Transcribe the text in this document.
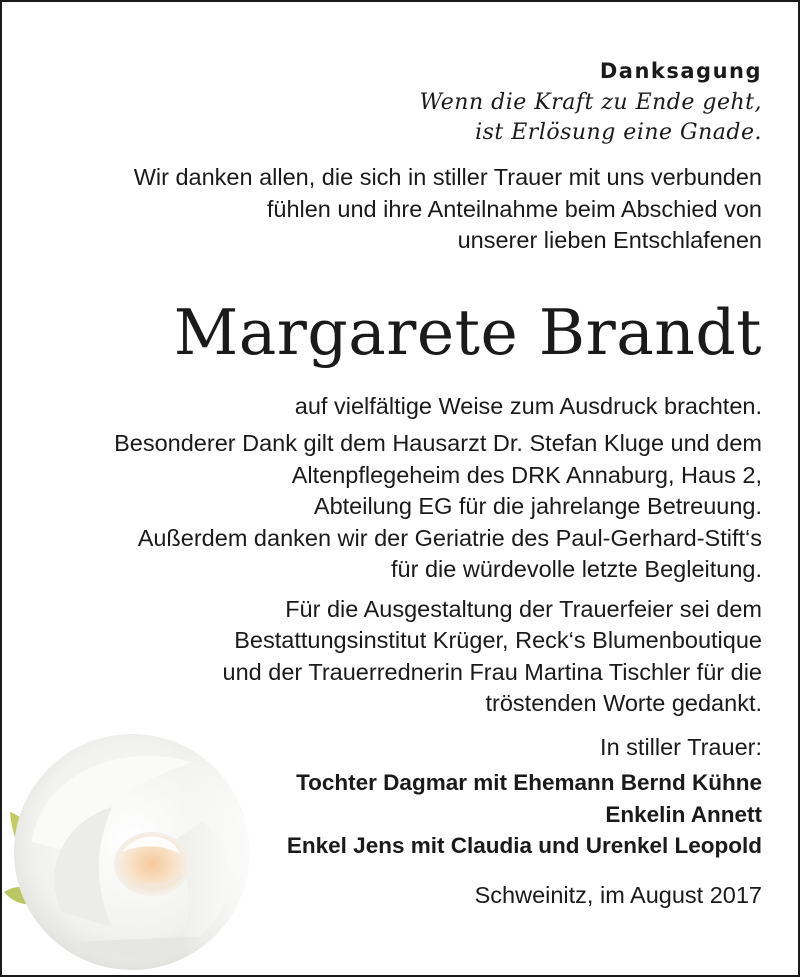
Danksagung
Wenn die Kraft zu Ende geht,
ist Erlösung eine Gnade.
Wir danken allen, die sich in stiller Trauer mit uns verbunden
fühlen und ihre Anteilnahme beim Abschied von
unserer lieben Entschlafenen
Margarete Brandt
auf vielfältige Weise zum Ausdruck brachten.
Besonderer Dank gilt dem Hausarzt Dr. Stefan Kluge und dem
Altenpflegeheim des DRK Annaburg, Haus 2,
Abteilung EG für die jahrelange Betreuung.
Außerdem danken wir der Geriatrie des Paul-Gerhard-Stift‘s
für die würdevolle letzte Begleitung.
Für die Ausgestaltung der Trauerfeier sei dem
Bestattungsinstitut Krüger, Reck‘s Blumenboutique
und der Trauerrednerin Frau Martina Tischler für die
tröstenden Worte gedankt.
In stiller Trauer:
Tochter Dagmar mit Ehemann Bernd Kühne
Enkelin Annett
Enkel Jens mit Claudia und Urenkel Leopold
Schweinitz, im August 2017
